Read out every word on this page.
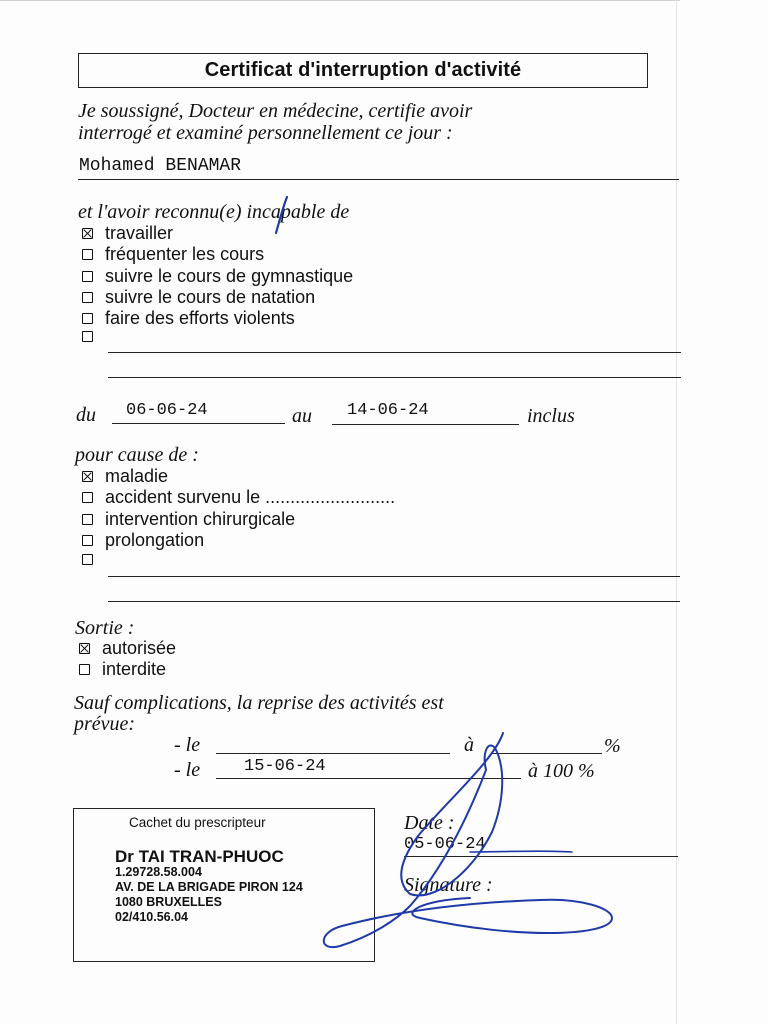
Certificat d'interruption d'activité
Je soussigné, Docteur en médecine, certifie avoir
interrogé et examiné personnellement ce jour :
Mohamed BENAMAR
et l'avoir reconnu(e) incapable de
travailler
fréquenter les cours
suivre le cours de gymnastique
suivre le cours de natation
faire des efforts violents
du 06-06-24	au 14-06-24	inclus
pour cause de :
maladie
accident survenu le ..........................
intervention chirurgicale
prolongation
Sortie :
autorisée
interdite
Sauf complications, la reprise des activités est
prévue:
- le	à	%
- le	15-06-24	à 100 %
Cachet du prescripteur
Dr TAI TRAN-PHUOC
1.29728.58.004
AV. DE LA BRIGADE PIRON 124
1080 BRUXELLES
02/410.56.04
Date :
05-06-24
Signature :
